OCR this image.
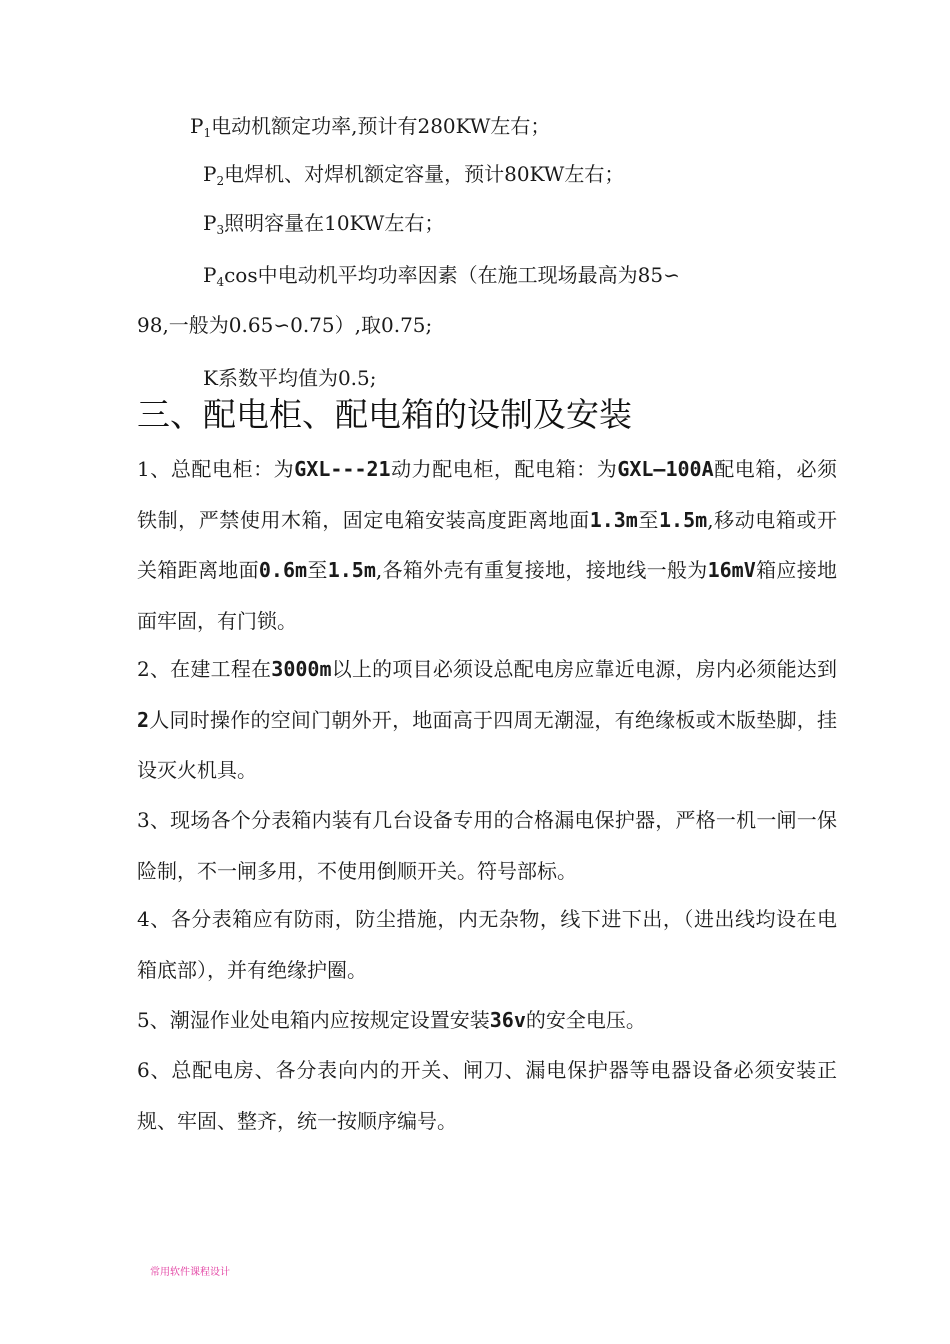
$P_1$电动机额定功率,预计有280KW左右；
$P_2$电焊机、对焊机额定容量，预计80KW左右；
$P_3$照明容量在10KW左右；
$P_4\cos$中电动机平均功率因素（在施工现场最高为85∽
98,一般为0.65∽0.75）,取0.75;
K系数平均值为0.5;
三、配电柜、配电箱的设制及安装
1、总配电柜：为GXL---21动力配电柜，配电箱：为GXL—100A配电箱，必须铁制，严禁使用木箱，固定电箱安装高度距离地面1.3m至1.5m,移动电箱或开关箱距离地面0.6m至1.5m,各箱外壳有重复接地，接地线一般为16mV箱应接地面牢固，有门锁。
2、在建工程在3000m以上的项目必须设总配电房应靠近电源，房内必须能达到2人同时操作的空间门朝外开，地面高于四周无潮湿，有绝缘板或木版垫脚，挂设灭火机具。
3、现场各个分表箱内装有几台设备专用的合格漏电保护器，严格一机一闸一保险制，不一闸多用，不使用倒顺开关。符号部标。
4、各分表箱应有防雨，防尘措施，内无杂物，线下进下出，（进出线均设在电箱底部），并有绝缘护圈。
5、潮湿作业处电箱内应按规定设置安装36v的安全电压。
6、总配电房、各分表向内的开关、闸刀、漏电保护器等电器设备必须安装正规、牢固、整齐，统一按顺序编号。
常用软件课程设计
